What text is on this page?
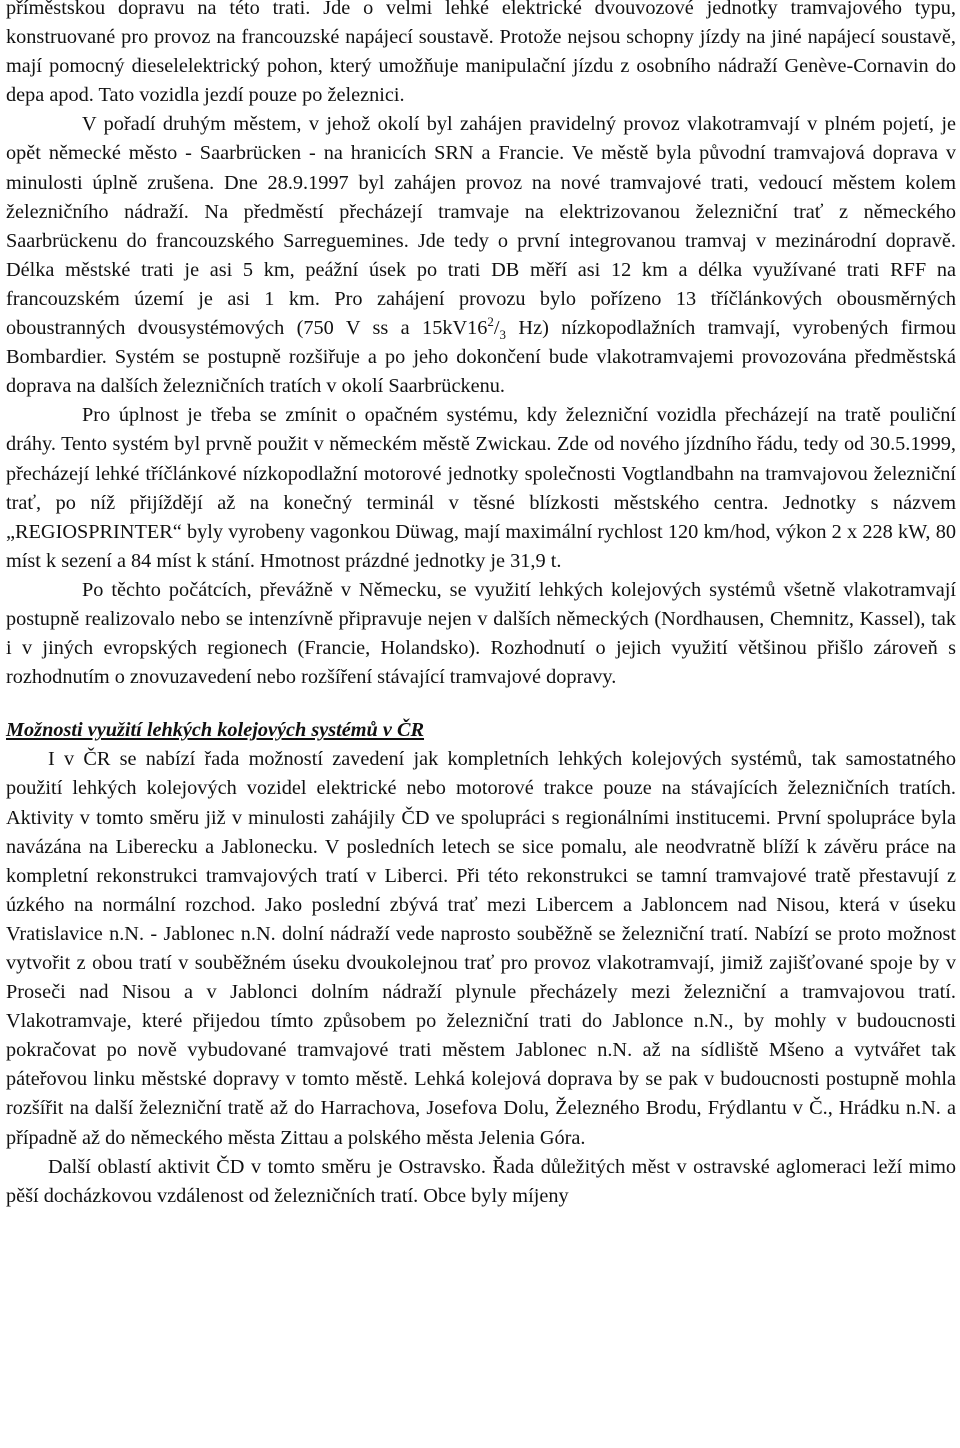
příměstskou dopravu na této trati. Jde o velmi lehké elektrické dvouvozové jednotky tramvajového typu, konstruované pro provoz na francouzské napájecí soustavě. Protože nejsou schopny jízdy na jiné napájecí soustavě, mají pomocný dieselelektrický pohon, který umožňuje manipulační jízdu z osobního nádraží Genève-Cornavin do depa apod. Tato vozidla jezdí pouze po železnici.

V pořadí druhým městem, v jehož okolí byl zahájen pravidelný provoz vlakotramvají v plném pojetí, je opět německé město - Saarbrücken - na hranicích SRN a Francie. Ve městě byla původní tramvajová doprava v minulosti úplně zrušena. Dne 28.9.1997 byl zahájen provoz na nové tramvajové trati, vedoucí městem kolem železničního nádraží. Na předměstí přecházejí tramvaje na elektrizovanou železniční trať z německého Saarbrückenu do francouzského Sarreguemines. Jde tedy o první integrovanou tramvaj v mezinárodní dopravě. Délka městské trati je asi 5 km, peážní úsek po trati DB měří asi 12 km a délka využívané trati RFF na francouzském území je asi 1 km. Pro zahájení provozu bylo pořízeno 13 tříčlánkových obousměrných oboustranných dvousystémových (750 V ss a $15kV16^2/_3$ Hz) nízkopodlažních tramvají, vyrobených firmou Bombardier. Systém se postupně rozšiřuje a po jeho dokončení bude vlakotramvajemi provozována předměstská doprava na dalších železničních tratích v okolí Saarbrückenu.

Pro úplnost je třeba se zmínit o opačném systému, kdy železniční vozidla přecházejí na tratě pouliční dráhy. Tento systém byl prvně použit v německém městě Zwickau. Zde od nového jízdního řádu, tedy od 30.5.1999, přecházejí lehké tříčlánkové nízkopodlažní motorové jednotky společnosti Vogtlandbahn na tramvajovou železniční trať, po níž přijíždějí až na konečný terminál v těsné blízkosti městského centra. Jednotky s názvem „REGIOSPRINTER“ byly vyrobeny vagonkou Düwag, mají maximální rychlost 120 km/hod, výkon 2 x 228 kW, 80 míst k sezení a 84 míst k stání. Hmotnost prázdné jednotky je 31,9 t.

Po těchto počátcích, převážně v Německu, se využití lehkých kolejových systémů všetně vlakotramvají postupně realizovalo nebo se intenzívně připravuje nejen v dalších německých (Nordhausen, Chemnitz, Kassel), tak i v jiných evropských regionech (Francie, Holandsko). Rozhodnutí o jejich využití většinou přišlo zároveň s rozhodnutím o znovuzavedení nebo rozšíření stávající tramvajové dopravy.

Možnosti využití lehkých kolejových systémů v ČR

I v ČR se nabízí řada možností zavedení jak kompletních lehkých kolejových systémů, tak samostatného použití lehkých kolejových vozidel elektrické nebo motorové trakce pouze na stávajících železničních tratích. Aktivity v tomto směru již v minulosti zahájily ČD ve spolupráci s regionálními institucemi. První spolupráce byla navázána na Liberecku a Jablonecku. V posledních letech se sice pomalu, ale neodvratně blíží k závěru práce na kompletní rekonstrukci tramvajových tratí v Liberci. Při této rekonstrukci se tamní tramvajové tratě přestavují z úzkého na normální rozchod. Jako poslední zbývá trať mezi Libercem a Jabloncem nad Nisou, která v úseku Vratislavice n.N. - Jablonec n.N. dolní nádraží vede naprosto souběžně se železniční tratí. Nabízí se proto možnost vytvořit z obou tratí v souběžném úseku dvoukolejnou trať pro provoz vlakotramvají, jimiž zajišťované spoje by v Proseči nad Nisou a v Jablonci dolním nádraží plynule přecházely mezi železniční a tramvajovou tratí. Vlakotramvaje, které přijedou tímto způsobem po železniční trati do Jablonce n.N., by mohly v budoucnosti pokračovat po nově vybudované tramvajové trati městem Jablonec n.N. až na sídliště Mšeno a vytvářet tak páteřovou linku městské dopravy v tomto městě. Lehká kolejová doprava by se pak v budoucnosti postupně mohla rozšířit na další železniční tratě až do Harrachova, Josefova Dolu, Železného Brodu, Frýdlantu v Č., Hrádku n.N. a případně až do německého města Zittau a polského města Jelenia Góra.

Další oblastí aktivit ČD v tomto směru je Ostravsko. Řada důležitých měst v ostravské aglomeraci leží mimo pěší docházkovou vzdálenost od železničních tratí. Obce byly míjeny
